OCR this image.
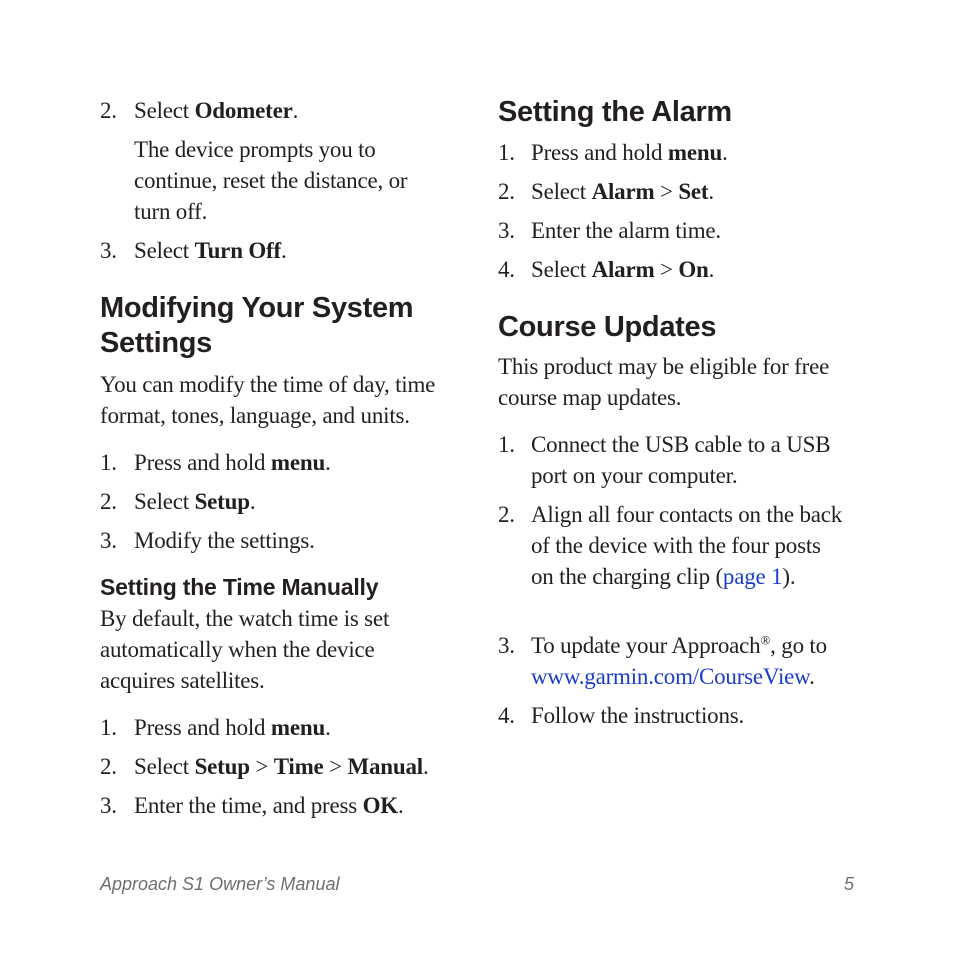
2. Select Odometer.
The device prompts you to continue, reset the distance, or turn off.
3. Select Turn Off.
Modifying Your System Settings
You can modify the time of day, time format, tones, language, and units.
1. Press and hold menu.
2. Select Setup.
3. Modify the settings.
Setting the Time Manually
By default, the watch time is set automatically when the device acquires satellites.
1. Press and hold menu.
2. Select Setup > Time > Manual.
3. Enter the time, and press OK.
Setting the Alarm
1. Press and hold menu.
2. Select Alarm > Set.
3. Enter the alarm time.
4. Select Alarm > On.
Course Updates
This product may be eligible for free course map updates.
1. Connect the USB cable to a USB port on your computer.
2. Align all four contacts on the back of the device with the four posts on the charging clip (page 1).
3. To update your Approach®, go to
www.garmin.com/CourseView.
4. Follow the instructions.
Approach S1 Owner’s Manual	5
